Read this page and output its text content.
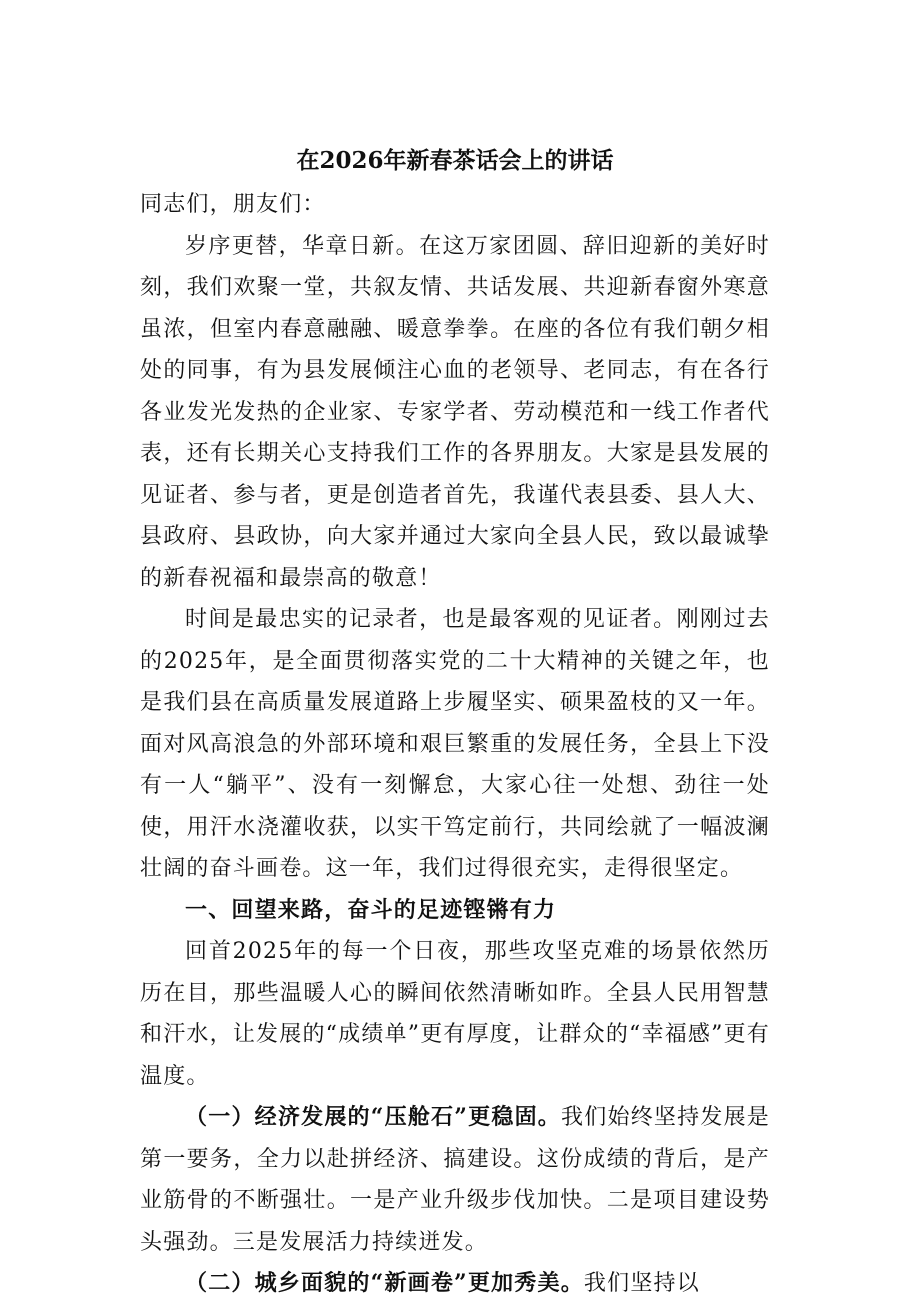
在2026年新春茶话会上的讲话

同志们，朋友们：

岁序更替，华章日新。在这万家团圆、辞旧迎新的美好时刻，我们欢聚一堂，共叙友情、共话发展、共迎新春窗外寒意虽浓，但室内春意融融、暖意拳拳。在座的各位有我们朝夕相处的同事，有为县发展倾注心血的老领导、老同志，有在各行各业发光发热的企业家、专家学者、劳动模范和一线工作者代表，还有长期关心支持我们工作的各界朋友。大家是县发展的见证者、参与者，更是创造者首先，我谨代表县委、县人大、县政府、县政协，向大家并通过大家向全县人民，致以最诚挚的新春祝福和最崇高的敬意！

时间是最忠实的记录者，也是最客观的见证者。刚刚过去的2025年，是全面贯彻落实党的二十大精神的关键之年，也是我们县在高质量发展道路上步履坚实、硕果盈枝的又一年。面对风高浪急的外部环境和艰巨繁重的发展任务，全县上下没有一人“躺平”、没有一刻懈怠，大家心往一处想、劲往一处使，用汗水浇灌收获，以实干笃定前行，共同绘就了一幅波澜壮阔的奋斗画卷。这一年，我们过得很充实，走得很坚定。

一、回望来路，奋斗的足迹铿锵有力

回首2025年的每一个日夜，那些攻坚克难的场景依然历历在目，那些温暖人心的瞬间依然清晰如昨。全县人民用智慧和汗水，让发展的“成绩单”更有厚度，让群众的“幸福感”更有温度。

（一）经济发展的“压舱石”更稳固。我们始终坚持发展是第一要务，全力以赴拼经济、搞建设。这份成绩的背后，是产业筋骨的不断强壮。一是产业升级步伐加快。二是项目建设势头强劲。三是发展活力持续迸发。

（二）城乡面貌的“新画卷”更加秀美。我们坚持以
